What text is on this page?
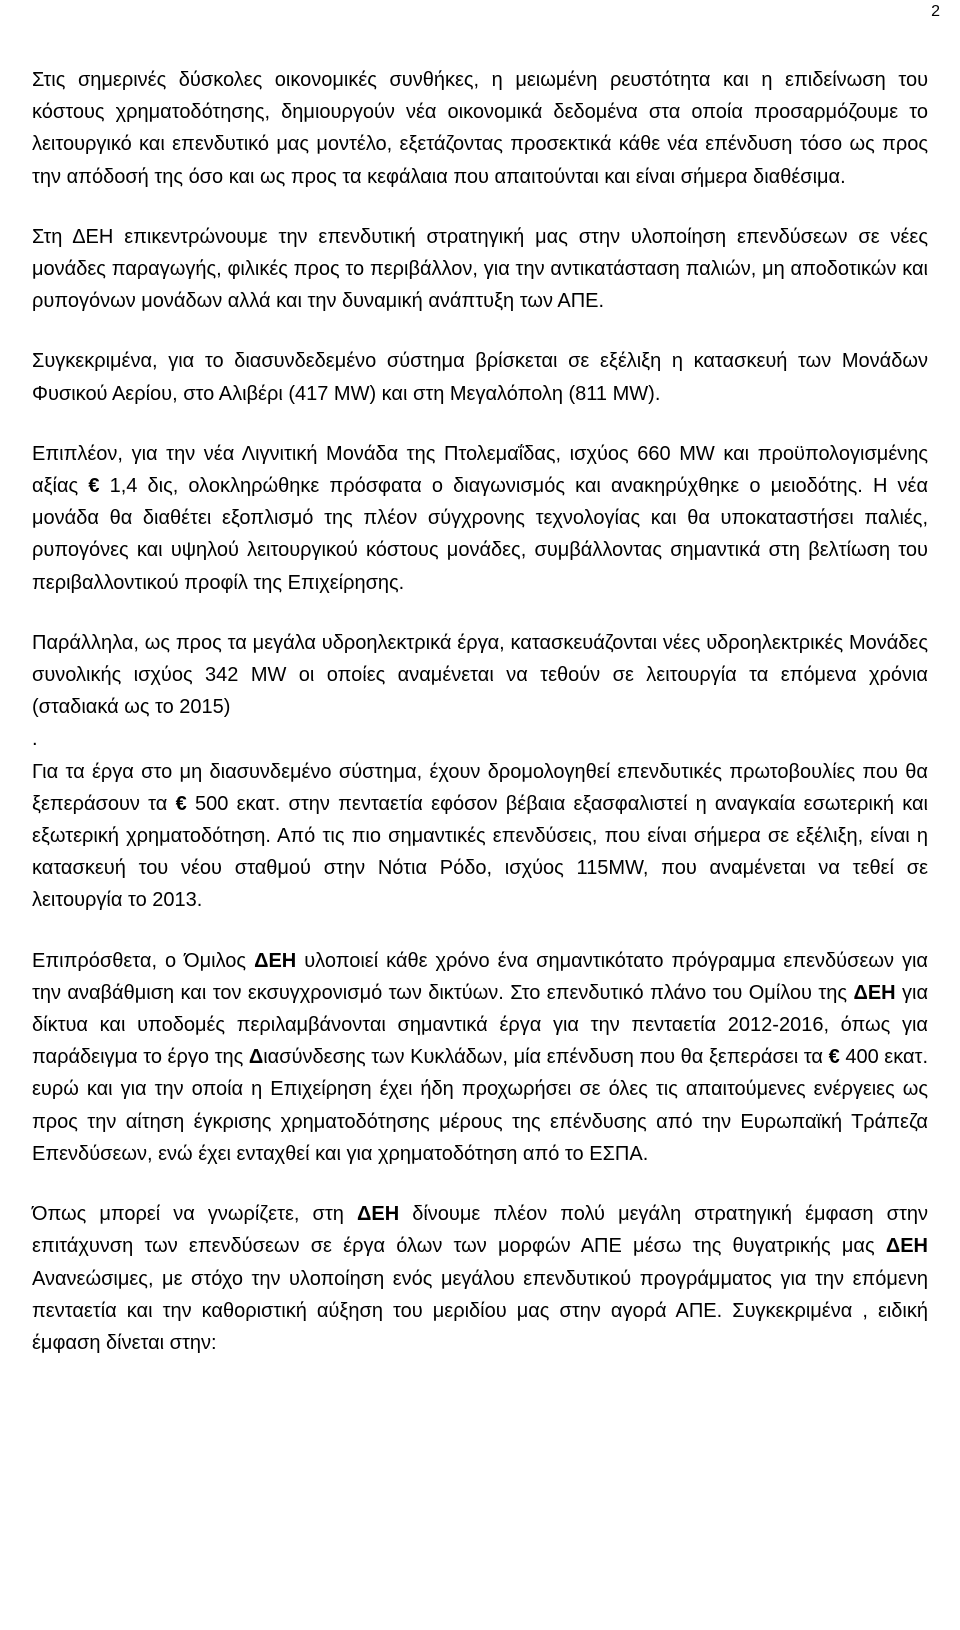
2

Στις σημερινές δύσκολες οικονομικές συνθήκες, η μειωμένη ρευστότητα και η επιδείνωση του κόστους χρηματοδότησης, δημιουργούν νέα οικονομικά δεδομένα στα οποία προσαρμόζουμε το λειτουργικό και επενδυτικό μας μοντέλο, εξετάζοντας προσεκτικά κάθε νέα επένδυση τόσο ως προς την απόδοσή της όσο και ως προς τα κεφάλαια που απαιτούνται και είναι σήμερα διαθέσιμα.

Στη ΔΕΗ επικεντρώνουμε την επενδυτική στρατηγική μας στην υλοποίηση επενδύσεων σε νέες μονάδες παραγωγής, φιλικές προς το περιβάλλον, για την αντικατάσταση παλιών, μη αποδοτικών και ρυπογόνων μονάδων αλλά και την δυναμική ανάπτυξη των ΑΠΕ.

Συγκεκριμένα, για το διασυνδεδεμένο σύστημα βρίσκεται σε εξέλιξη η κατασκευή των Μονάδων Φυσικού Αερίου, στο Αλιβέρι (417 MW) και στη Μεγαλόπολη (811 MW).

Επιπλέον, για την νέα Λιγνιτική Μονάδα της Πτολεμαΐδας, ισχύος 660 MW και προϋπολογισμένης αξίας € 1,4 δις, ολοκληρώθηκε πρόσφατα ο διαγωνισμός και ανακηρύχθηκε ο μειοδότης. Η νέα μονάδα θα διαθέτει εξοπλισμό της πλέον σύγχρονης τεχνολογίας και θα υποκαταστήσει παλιές, ρυπογόνες και υψηλού λειτουργικού κόστους μονάδες, συμβάλλοντας σημαντικά στη βελτίωση του περιβαλλοντικού προφίλ της Επιχείρησης.

Παράλληλα, ως προς τα μεγάλα υδροηλεκτρικά έργα, κατασκευάζονται νέες υδροηλεκτρικές Μονάδες συνολικής ισχύος 342 MW οι οποίες αναμένεται να τεθούν σε λειτουργία τα επόμενα χρόνια (σταδιακά ως το 2015)
.

Για τα έργα στο μη διασυνδεμένο σύστημα, έχουν δρομολογηθεί επενδυτικές πρωτοβουλίες που θα ξεπεράσουν τα € 500 εκατ. στην πενταετία εφόσον βέβαια εξασφαλιστεί η αναγκαία εσωτερική και εξωτερική χρηματοδότηση. Από τις πιο σημαντικές επενδύσεις, που είναι σήμερα σε εξέλιξη, είναι η κατασκευή του νέου σταθμού στην Νότια Ρόδο, ισχύος 115MW, που αναμένεται να τεθεί σε λειτουργία το 2013.

Επιπρόσθετα, ο Όμιλος ΔΕΗ υλοποιεί κάθε χρόνο ένα σημαντικότατο πρόγραμμα επενδύσεων για την αναβάθμιση και τον εκσυγχρονισμό των δικτύων. Στο επενδυτικό πλάνο του Ομίλου της ΔΕΗ για δίκτυα και υποδομές περιλαμβάνονται σημαντικά έργα για την πενταετία 2012-2016, όπως για παράδειγμα το έργο της Διασύνδεσης των Κυκλάδων, μία επένδυση που θα ξεπεράσει τα € 400 εκατ. ευρώ και για την οποία η Επιχείρηση έχει ήδη προχωρήσει σε όλες τις απαιτούμενες ενέργειες ως προς την αίτηση έγκρισης χρηματοδότησης μέρους της επένδυσης από την Ευρωπαϊκή Τράπεζα Επενδύσεων, ενώ έχει ενταχθεί και για χρηματοδότηση από το ΕΣΠΑ.

Όπως μπορεί να γνωρίζετε, στη ΔΕΗ δίνουμε πλέον πολύ μεγάλη στρατηγική έμφαση στην επιτάχυνση των επενδύσεων σε έργα όλων των μορφών ΑΠΕ μέσω της θυγατρικής μας ΔΕΗ Ανανεώσιμες, με στόχο την υλοποίηση ενός μεγάλου επενδυτικού προγράμματος για την επόμενη πενταετία και την καθοριστική αύξηση του μεριδίου μας στην αγορά ΑΠΕ. Συγκεκριμένα , ειδική έμφαση δίνεται στην:
